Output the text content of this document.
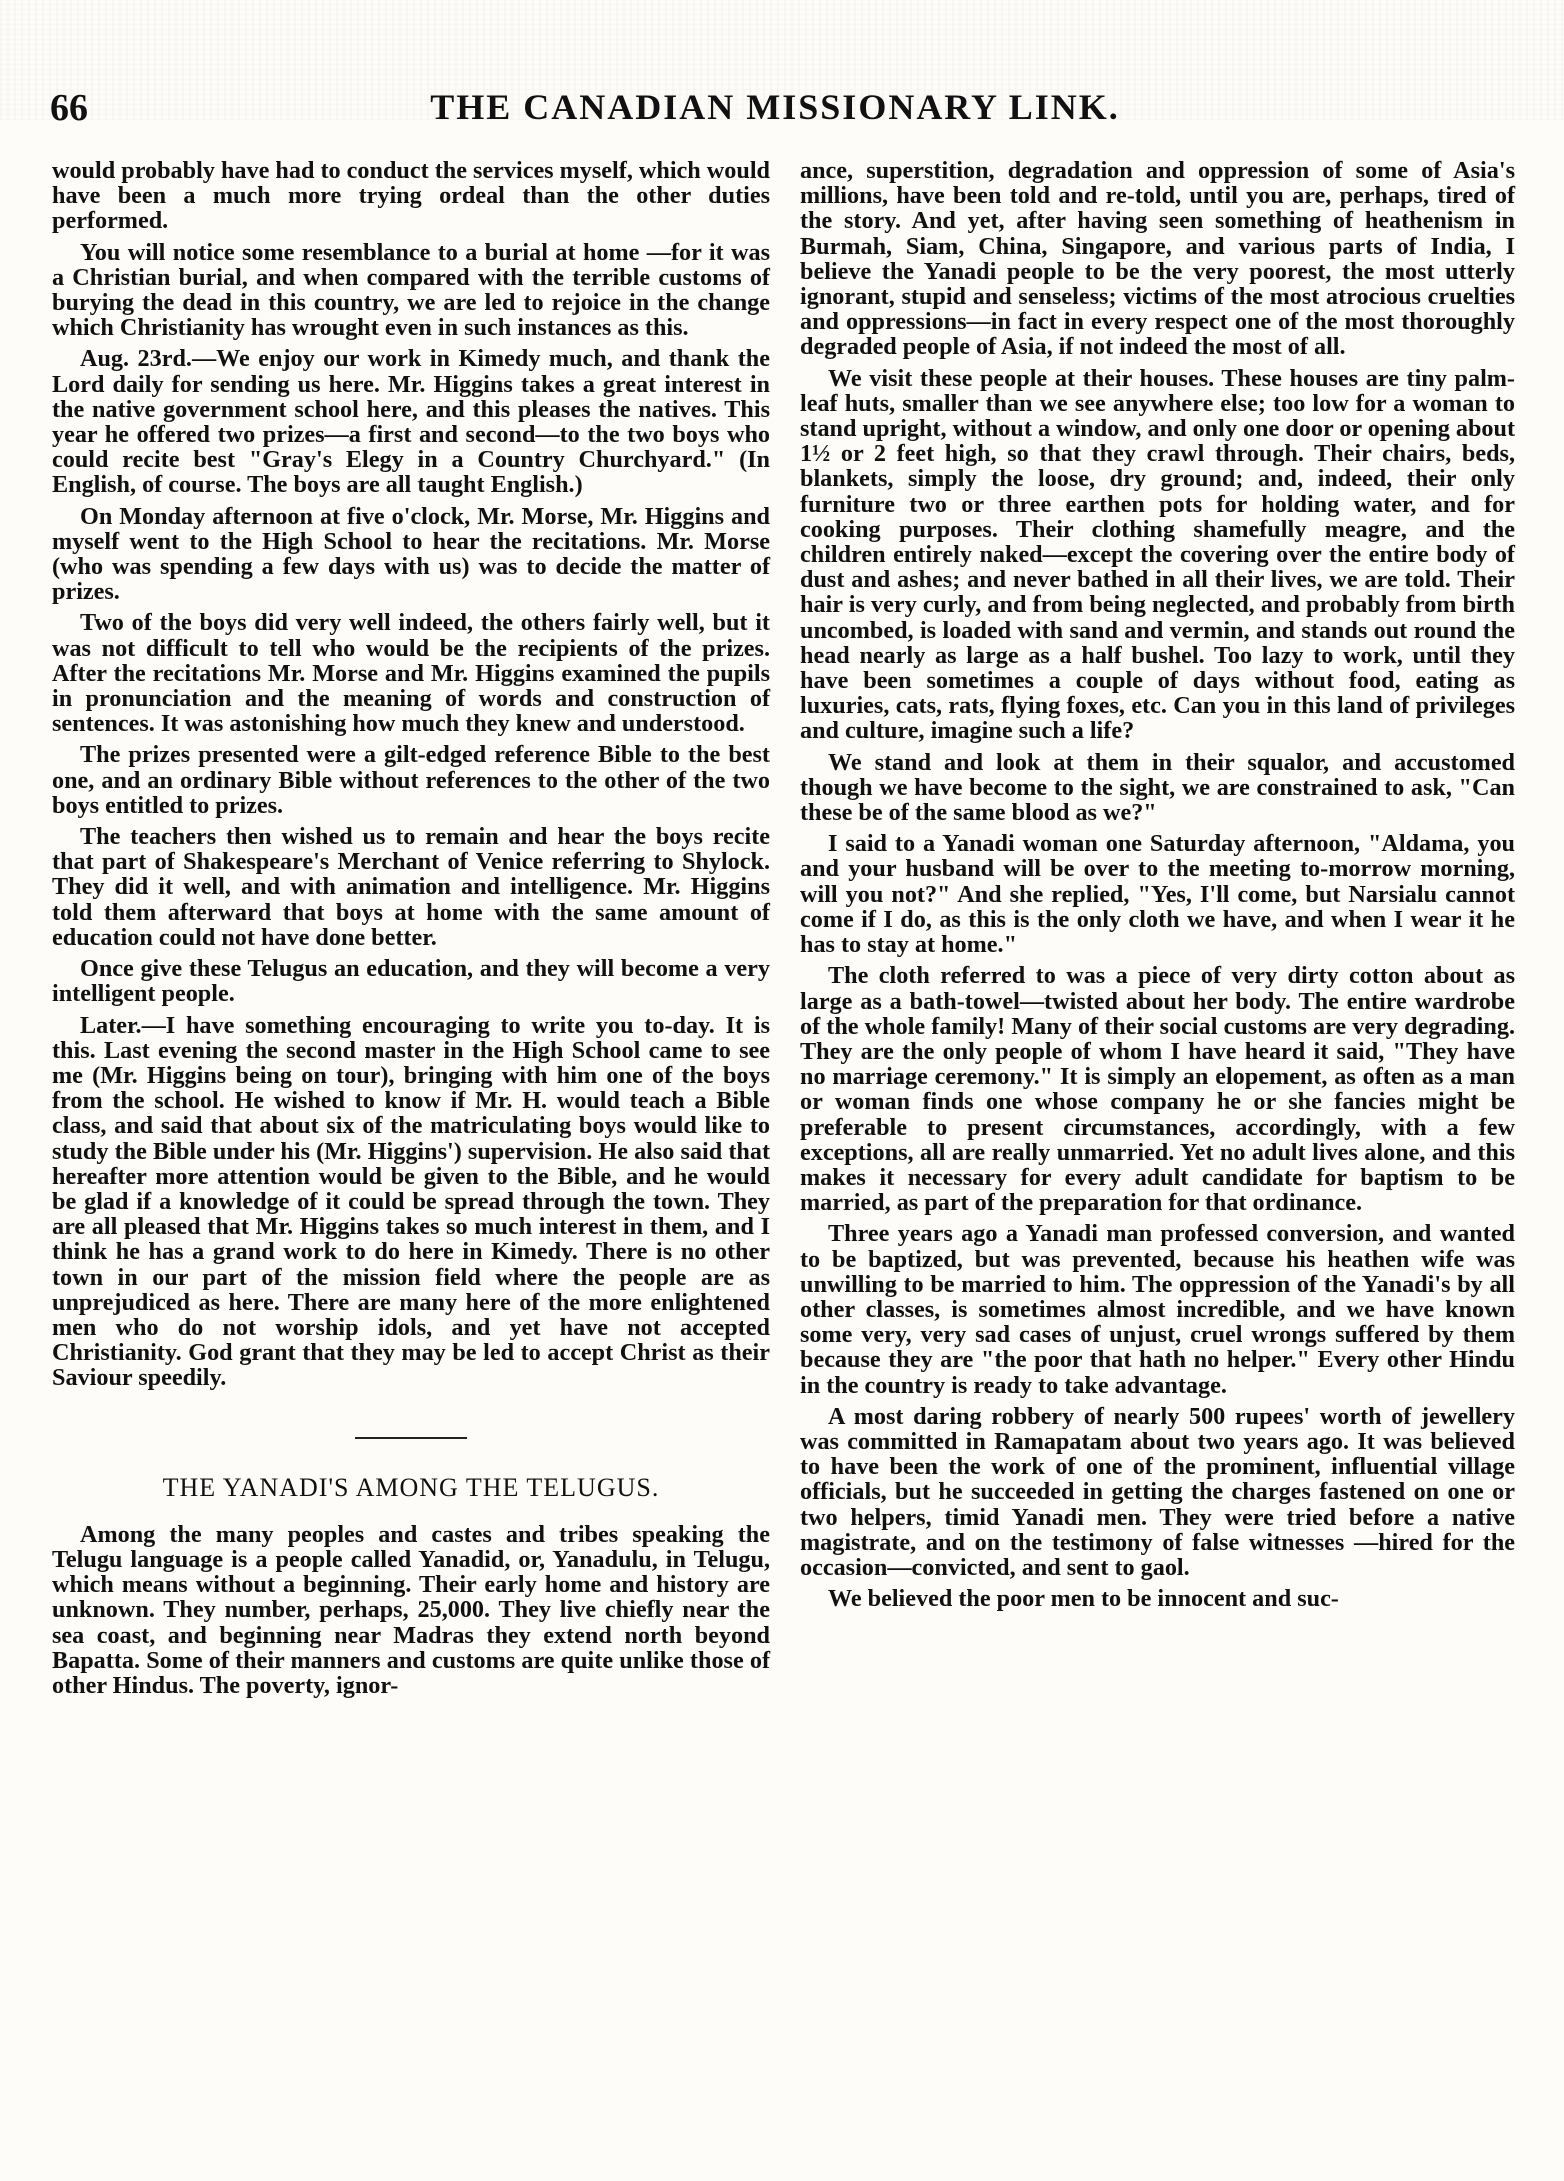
66	THE CANADIAN MISSIONARY LINK.

would probably have had to conduct the services myself, which would have been a much more trying ordeal than the other duties performed.

You will notice some resemblance to a burial at home —for it was a Christian burial, and when compared with the terrible customs of burying the dead in this country, we are led to rejoice in the change which Christianity has wrought even in such instances as this.

Aug. 23rd.—We enjoy our work in Kimedy much, and thank the Lord daily for sending us here. Mr. Higgins takes a great interest in the native government school here, and this pleases the natives. This year he offered two prizes—a first and second—to the two boys who could recite best "Gray's Elegy in a Country Churchyard." (In English, of course. The boys are all taught English.)

On Monday afternoon at five o'clock, Mr. Morse, Mr. Higgins and myself went to the High School to hear the recitations. Mr. Morse (who was spending a few days with us) was to decide the matter of prizes.

Two of the boys did very well indeed, the others fairly well, but it was not difficult to tell who would be the recipients of the prizes. After the recitations Mr. Morse and Mr. Higgins examined the pupils in pronunciation and the meaning of words and construction of sentences. It was astonishing how much they knew and understood.

The prizes presented were a gilt-edged reference Bible to the best one, and an ordinary Bible without references to the other of the two boys entitled to prizes.

The teachers then wished us to remain and hear the boys recite that part of Shakespeare's Merchant of Venice referring to Shylock. They did it well, and with animation and intelligence. Mr. Higgins told them afterward that boys at home with the same amount of education could not have done better.

Once give these Telugus an education, and they will become a very intelligent people.

Later.—I have something encouraging to write you to-day. It is this. Last evening the second master in the High School came to see me (Mr. Higgins being on tour), bringing with him one of the boys from the school. He wished to know if Mr. H. would teach a Bible class, and said that about six of the matriculating boys would like to study the Bible under his (Mr. Higgins') supervision. He also said that hereafter more attention would be given to the Bible, and he would be glad if a knowledge of it could be spread through the town. They are all pleased that Mr. Higgins takes so much interest in them, and I think he has a grand work to do here in Kimedy. There is no other town in our part of the mission field where the people are as unprejudiced as here. There are many here of the more enlightened men who do not worship idols, and yet have not accepted Christianity. God grant that they may be led to accept Christ as their Saviour speedily.

THE YANADI'S AMONG THE TELUGUS.

Among the many peoples and castes and tribes speaking the Telugu language is a people called Yanadid, or, Yanadulu, in Telugu, which means without a beginning. Their early home and history are unknown. They number, perhaps, 25,000. They live chiefly near the sea coast, and beginning near Madras they extend north beyond Bapatta. Some of their manners and customs are quite unlike those of other Hindus. The poverty, ignor-

ance, superstition, degradation and oppression of some of Asia's millions, have been told and re-told, until you are, perhaps, tired of the story. And yet, after having seen something of heathenism in Burmah, Siam, China, Singapore, and various parts of India, I believe the Yanadi people to be the very poorest, the most utterly ignorant, stupid and senseless; victims of the most atrocious cruelties and oppressions—in fact in every respect one of the most thoroughly degraded people of Asia, if not indeed the most of all.

We visit these people at their houses. These houses are tiny palm-leaf huts, smaller than we see anywhere else; too low for a woman to stand upright, without a window, and only one door or opening about 1½ or 2 feet high, so that they crawl through. Their chairs, beds, blankets, simply the loose, dry ground; and, indeed, their only furniture two or three earthen pots for holding water, and for cooking purposes. Their clothing shamefully meagre, and the children entirely naked—except the covering over the entire body of dust and ashes; and never bathed in all their lives, we are told. Their hair is very curly, and from being neglected, and probably from birth uncombed, is loaded with sand and vermin, and stands out round the head nearly as large as a half bushel. Too lazy to work, until they have been sometimes a couple of days without food, eating as luxuries, cats, rats, flying foxes, etc. Can you in this land of privileges and culture, imagine such a life?

We stand and look at them in their squalor, and accustomed though we have become to the sight, we are constrained to ask, "Can these be of the same blood as we?"

I said to a Yanadi woman one Saturday afternoon, "Aldama, you and your husband will be over to the meeting to-morrow morning, will you not?" And she replied, "Yes, I'll come, but Narsialu cannot come if I do, as this is the only cloth we have, and when I wear it he has to stay at home."

The cloth referred to was a piece of very dirty cotton about as large as a bath-towel—twisted about her body. The entire wardrobe of the whole family! Many of their social customs are very degrading. They are the only people of whom I have heard it said, "They have no marriage ceremony." It is simply an elopement, as often as a man or woman finds one whose company he or she fancies might be preferable to present circumstances, accordingly, with a few exceptions, all are really unmarried. Yet no adult lives alone, and this makes it necessary for every adult candidate for baptism to be married, as part of the preparation for that ordinance.

Three years ago a Yanadi man professed conversion, and wanted to be baptized, but was prevented, because his heathen wife was unwilling to be married to him. The oppression of the Yanadi's by all other classes, is sometimes almost incredible, and we have known some very, very sad cases of unjust, cruel wrongs suffered by them because they are "the poor that hath no helper." Every other Hindu in the country is ready to take advantage.

A most daring robbery of nearly 500 rupees' worth of jewellery was committed in Ramapatam about two years ago. It was believed to have been the work of one of the prominent, influential village officials, but he succeeded in getting the charges fastened on one or two helpers, timid Yanadi men. They were tried before a native magistrate, and on the testimony of false witnesses —hired for the occasion—convicted, and sent to gaol.

We believed the poor men to be innocent and suc-
